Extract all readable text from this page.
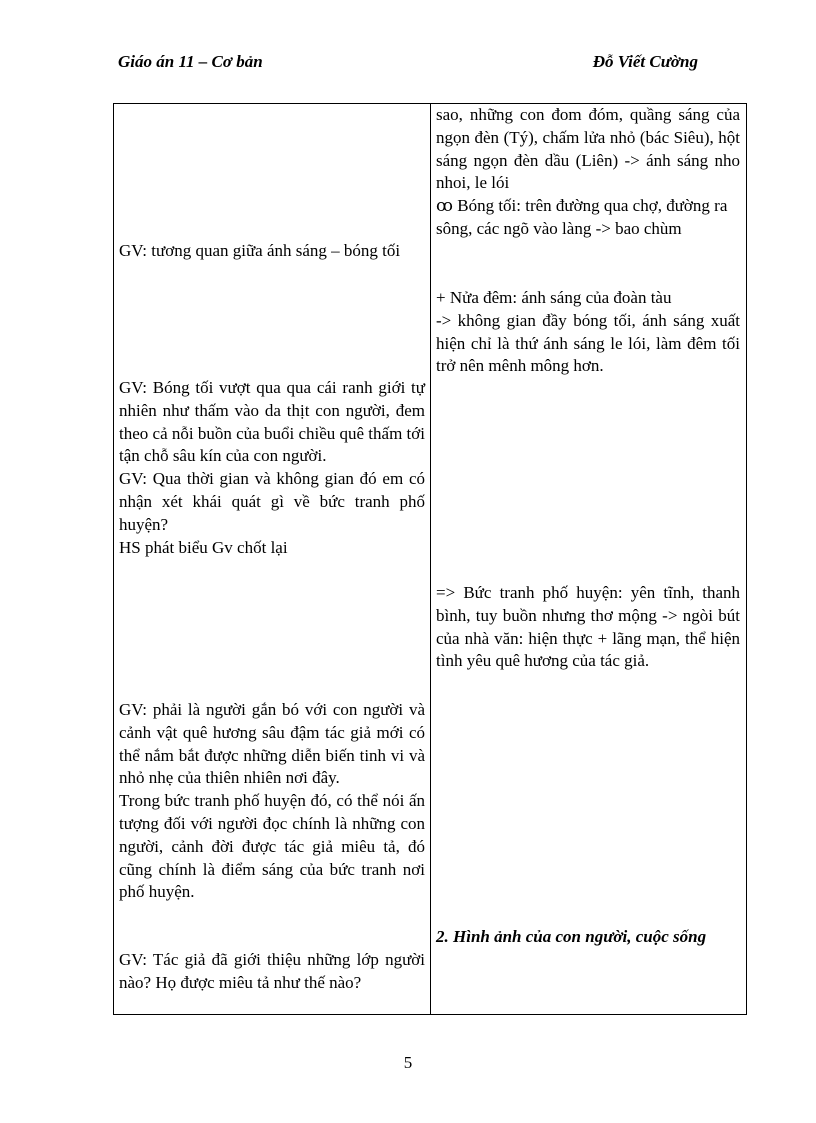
Giáo án 11 – Cơ bản	Đỗ Viết Cường

GV: tương quan giữa ánh sáng – bóng tối

GV: Bóng tối vượt qua qua cái ranh giới tự nhiên như thấm vào da thịt con người, đem theo cả nỗi buồn của buổi chiều quê thấm tới tận chỗ sâu kín của con người.

GV: Qua thời gian và không gian đó em có nhận xét khái quát gì về bức tranh phố huyện?

HS phát biểu Gv chốt lại

GV: phải là người gắn bó với con người và cảnh vật quê hương sâu đậm tác giả mới có thể nắm bắt được những diễn biến tinh vi và nhỏ nhẹ của thiên nhiên nơi đây.

Trong bức tranh phố huyện đó, có thể nói ấn tượng đối với người đọc chính là những con người, cảnh đời được tác giả miêu tả, đó cũng chính là điểm sáng của bức tranh nơi phố huyện.

GV: Tác giả đã giới thiệu những lớp người nào? Họ được miêu tả như thế nào?

sao, những con đom đóm, quầng sáng của ngọn đèn (Tý), chấm lửa nhỏ (bác Siêu), hột sáng ngọn đèn dầu (Liên) -> ánh sáng nho nhoi, le lói

ꝏ Bóng tối: trên đường qua chợ, đường ra sông, các ngõ vào làng -> bao chùm

+ Nửa đêm: ánh sáng của đoàn tàu

-> không gian đầy bóng tối, ánh sáng xuất hiện chỉ là thứ ánh sáng le lói, làm đêm tối trở nên mênh mông hơn.

=> Bức tranh phố huyện: yên tĩnh, thanh bình, tuy buồn nhưng thơ mộng -> ngòi bút của nhà văn: hiện thực + lãng mạn, thể hiện tình yêu quê hương của tác giả.

2. Hình ảnh của con người, cuộc sống

5
